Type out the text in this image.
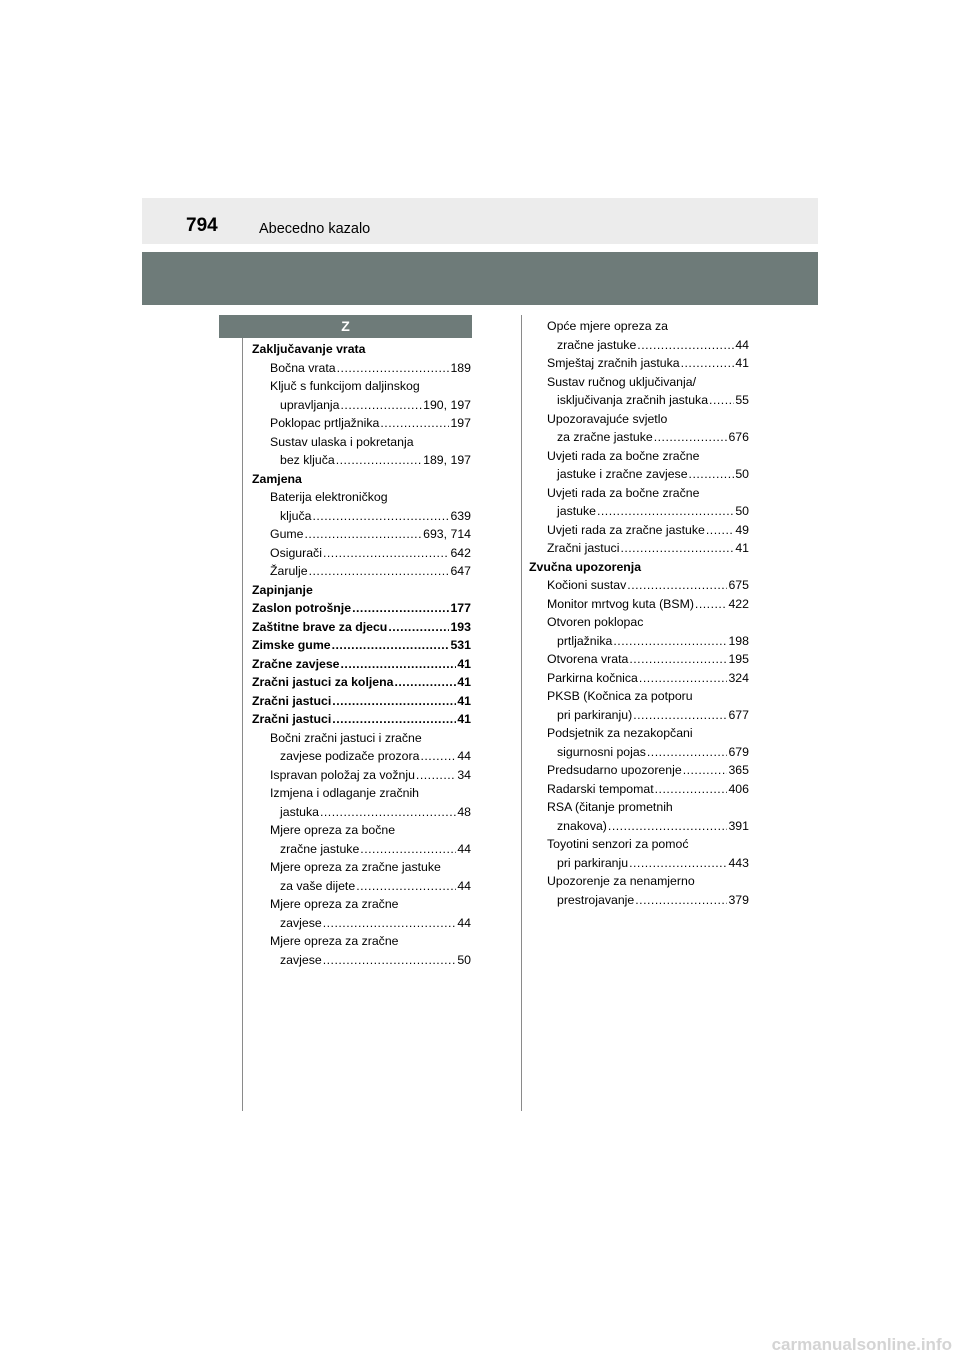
794	Abecedno kazalo
Z
Zaključavanje vrata
Bočna vrata .....	189
Ključ s funkcijom daljinskog
upravljanja .....	190, 197
Poklopac prtljažnika .....	197
Sustav ulaska i pokretanja
bez ključa .....	189, 197
Zamjena
Baterija elektroničkog
ključa .....	639
Gume .....	693, 714
Osigurači .....	642
Žarulje .....	647
Zapinjanje
Zaslon potrošnje .....	177
Zaštitne brave za djecu .....	193
Zimske gume .....	531
Zračne zavjese .....	41
Zračni jastuci za koljena .....	41
Zračni jastuci .....	41
Zračni jastuci .....	41
Bočni zračni jastuci i zračne
zavjese podizače prozora .....	44
Ispravan položaj za vožnju .....	34
Izmjena i odlaganje zračnih
jastuka .....	48
Mjere opreza za bočne
zračne jastuke .....	44
Mjere opreza za zračne jastuke
za vaše dijete .....	44
Mjere opreza za zračne
zavjese .....	44
Mjere opreza za zračne
zavjese .....	50
Opće mjere opreza za
zračne jastuke .....	44
Smještaj zračnih jastuka .....	41
Sustav ručnog uključivanja/
isključivanja zračnih jastuka ..... 55
Upozoravajuće svjetlo
za zračne jastuke .....	676
Uvjeti rada za bočne zračne
jastuke i zračne zavjese .....	50
Uvjeti rada za bočne zračne
jastuke .....	50
Uvjeti rada za zračne jastuke ..... 49
Zračni jastuci .....	41
Zvučna upozorenja
Kočioni sustav .....	675
Monitor mrtvog kuta (BSM) .....	422
Otvoren poklopac
prtljažnika .....	198
Otvorena vrata .....	195
Parkirna kočnica .....	324
PKSB (Kočnica za potporu
pri parkiranju) .....	677
Podsjetnik za nezakopčani
sigurnosni pojas .....	679
Predsudarno upozorenje .....	365
Radarski tempomat .....	406
RSA (čitanje prometnih
znakova) .....	391
Toyotini senzori za pomoć
pri parkiranju .....	443
Upozorenje za nenamjerno
prestrojavanje .....	379
carmanualsonline.info
